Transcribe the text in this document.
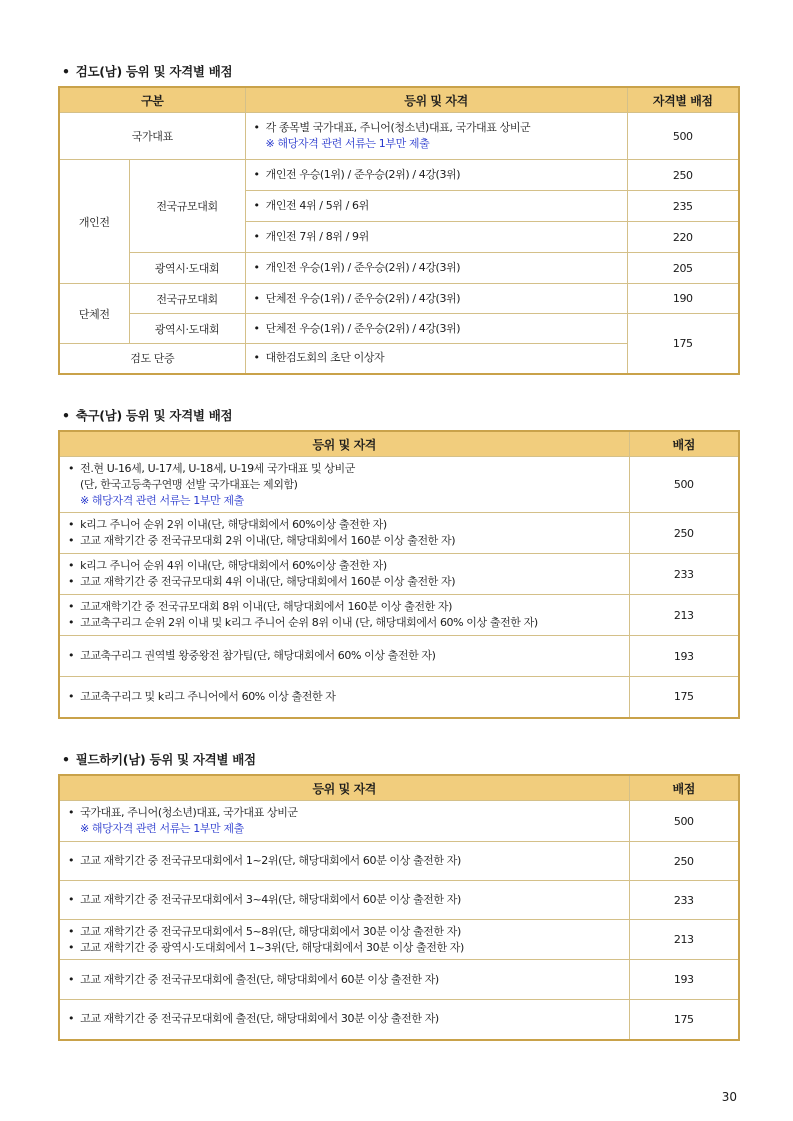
• 검도(남) 등위 및 자격별 배점
구분		등위 및 자격	자격별 배점
국가대표		• 각 종목별 국가대표, 주니어(청소년)대표, 국가대표 상비군
※ 해당자격 관련 서류는 1부만 제출	500
개인전	전국규모대회	• 개인전 우승(1위) / 준우승(2위) / 4강(3위)	250

		• 개인전 4위 / 5위 / 6위	235

		• 개인전 7위 / 8위 / 9위	220
	광역시·도대회	• 개인전 우승(1위) / 준우승(2위) / 4강(3위)	205
단체전	전국규모대회	• 단체전 우승(1위) / 준우승(2위) / 4강(3위)	190
	광역시·도대회	• 단체전 우승(1위) / 준우승(2위) / 4강(3위)	175
검도 단증		• 대한검도회의 초단 이상자	
• 축구(남) 등위 및 자격별 배점
등위 및 자격	배점

• 전.현 U-16세, U-17세, U-18세, U-19세 국가대표 및 상비군
(단, 한국고등축구연맹 선발 국가대표는 제외함)
※ 해당자격 관련 서류는 1부만 제출	500

• k리그 주니어 순위 2위 이내(단, 해당대회에서 60%이상 출전한 자)
• 고교 재학기간 중 전국규모대회 2위 이내(단, 해당대회에서 160분 이상 출전한 자)	250

• k리그 주니어 순위 4위 이내(단, 해당대회에서 60%이상 출전한 자)
• 고교 재학기간 중 전국규모대회 4위 이내(단, 해당대회에서 160분 이상 출전한 자)	233

• 고교재학기간 중 전국규모대회 8위 이내(단, 해당대회에서 160분 이상 출전한 자)
• 고교축구리그 순위 2위 이내 및 k리그 주니어 순위 8위 이내 (단, 해당대회에서 60% 이상 출전한 자)	213

• 고교축구리그 권역별 왕중왕전 참가팀(단, 해당대회에서 60% 이상 출전한 자)	193

• 고교축구리그 및 k리그 주니어에서 60% 이상 출전한 자	175
• 필드하키(남) 등위 및 자격별 배점
등위 및 자격	배점

• 국가대표, 주니어(청소년)대표, 국가대표 상비군
※ 해당자격 관련 서류는 1부만 제출	500

• 고교 재학기간 중 전국규모대회에서 1~2위(단, 해당대회에서 60분 이상 출전한 자)	250

• 고교 재학기간 중 전국규모대회에서 3~4위(단, 해당대회에서 60분 이상 출전한 자)	233

• 고교 재학기간 중 전국규모대회에서 5~8위(단, 해당대회에서 30분 이상 출전한 자)
• 고교 재학기간 중 광역시·도대회에서 1~3위(단, 해당대회에서 30분 이상 출전한 자)	213

• 고교 재학기간 중 전국규모대회에 출전(단, 해당대회에서 60분 이상 출전한 자)	193

• 고교 재학기간 중 전국규모대회에 출전(단, 해당대회에서 30분 이상 출전한 자)	175
30
